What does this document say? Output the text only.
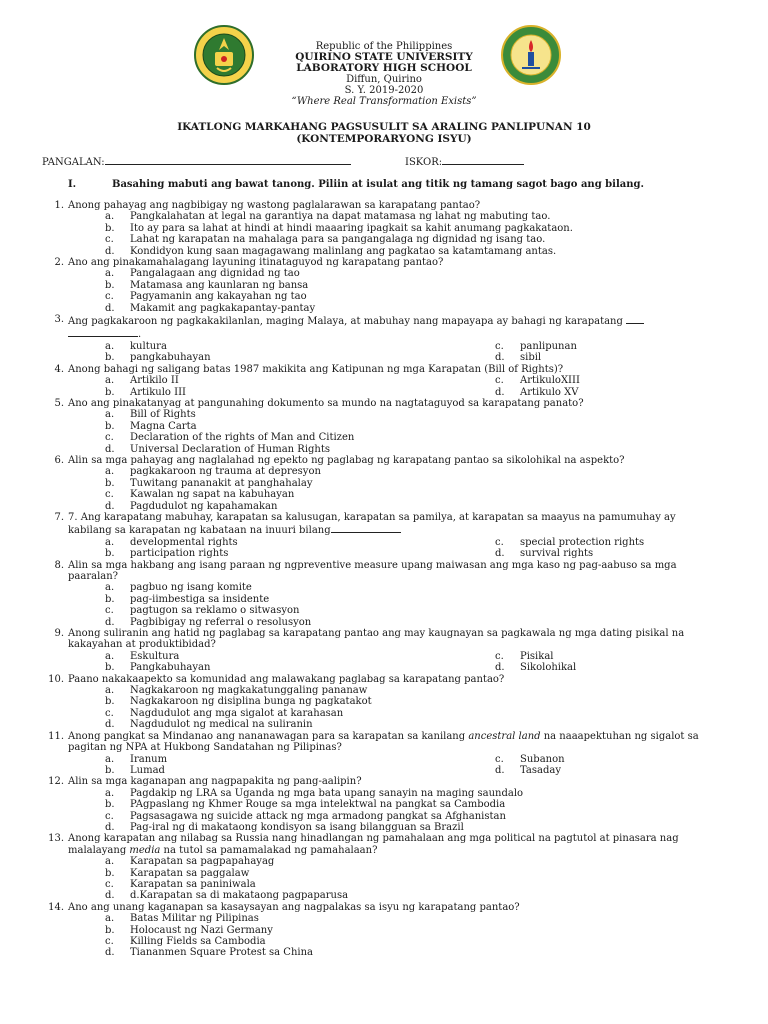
Republic of the Philippines
QUIRINO STATE UNIVERSITY
LABORATORY HIGH SCHOOL
Diffun, Quirino
S. Y. 2019-2020
“Where Real Transformation Exists”
IKATLONG MARKAHANG PAGSUSULIT SA ARALING PANLIPUNAN 10
(KONTEMPORARYONG ISYU)
PANGALAN:	ISKOR:
I.	Basahing mabuti ang bawat tanong. Piliin at isulat ang titik ng tamang sagot bago ang bilang.
1. Anong pahayag ang nagbibigay ng wastong paglalarawan sa karapatang pantao?
a.	Pangkalahatan at legal na garantiya na dapat matamasa ng lahat ng mabuting tao.
b.	Ito ay para sa lahat at hindi at hindi maaaring ipagkait sa kahit anumang pagkakataon.
c.	Lahat ng karapatan na mahalaga para sa pangangalaga ng dignidad ng isang tao.
d.	Kondidyon kung saan magagawang malinlang ang pagkatao sa katamtamang antas.
2. Ano ang pinakamahalagang layuning itinataguyod ng karapatang pantao?
a.	Pangalagaan ang dignidad ng tao
b.	Matamasa ang kaunlaran ng bansa
c.	Pagyamanin ang kakayahan ng tao
d.	Makamit ang pagkakapantay-pantay
3. Ang pagkakaroon ng pagkakakilanlan, maging Malaya, at mabuhay nang mapayapa ay bahagi ng karapatang  .
a.	kultura	c.	panlipunan
b.	pangkabuhayan	d.	sibil
4. Anong bahagi ng saligang batas 1987 makikita ang Katipunan ng mga Karapatan (Bill of Rights)?
a.	Artikilo II	c.	ArtikuloXIII
b.	Artikulo III	d.	Artikulo XV
5. Ano ang pinakatanyag at pangunahing dokumento sa mundo na nagtataguyod sa karapatang panato?
a.	Bill of Rights
b.	Magna Carta
c.	Declaration of the rights of Man and Citizen
d.	Universal Declaration of Human Rights
6. Alin sa mga pahayag ang naglalahad ng epekto ng paglabag ng karapatang pantao sa sikolohikal na aspekto?
a.	pagkakaroon ng trauma at depresyon
b.	Tuwitang pananakit at panghahalay
c.	Kawalan ng sapat na kabuhayan
d.	Pagdudulot ng kapahamakan
7. 7. Ang karapatang mabuhay, karapatan sa kalusugan, karapatan sa pamilya, at karapatan sa maayus na pamumuhay ay kabilang sa karapatan ng kabataan na inuuri bilang
a.	developmental rights	c.	special protection rights
b.	participation rights	d.	survival rights
8. Alin sa mga hakbang ang isang paraan ng ngpreventive measure upang maiwasan ang mga kaso ng pag-aabuso sa mga paaralan?
a.	pagbuo ng isang komite
b.	pag-iimbestiga sa insidente
c.	pagtugon sa reklamo o sitwasyon
d.	Pagbibigay ng referral o resolusyon
9. Anong suliranin ang hatid ng paglabag sa karapatang pantao ang may kaugnayan sa pagkawala ng mga dating pisikal na kakayahan at produktibidad?
a.	Eskultura	c.	Pisikal
b.	Pangkabuhayan	d.	Sikolohikal
10. Paano nakakaapekto sa komunidad ang malawakang paglabag sa karapatang pantao?
a.	Nagkakaroon ng magkakatunggaling pananaw
b.	Nagkakaroon ng disiplina bunga ng pagkatakot
c.	Nagdudulot ang mga sigalot at karahasan
d.	Nagdudulot ng medical na suliranin
11. Anong pangkat sa Mindanao ang nananawagan para sa karapatan sa kanilang ancestral land na naaapektuhan ng sigalot sa pagitan ng NPA at Hukbong Sandatahan ng Pilipinas?
a.	Iranum	c.	Subanon
b.	Lumad	d.	Tasaday
12. Alin sa mga kaganapan ang nagpapakita ng pang-aalipin?
a.	Pagdakip ng LRA sa Uganda ng mga bata upang sanayin na maging saundalo
b.	PAgpaslang ng Khmer Rouge sa mga intelektwal na pangkat sa Cambodia
c.	Pagsasagawa ng suicide attack ng mga armadong pangkat sa Afghanistan
d.	Pag-iral ng di makataong kondisyon sa isang bilangguan sa Brazil
13. Anong karapatan ang nilabag sa Russia nang hinadlangan ng pamahalaan ang mga political na pagtutol at pinasara nag malalayang media na tutol sa pamamalakad ng pamahalaan?
a.	Karapatan sa pagpapahayag
b.	Karapatan sa paggalaw
c.	Karapatan sa paniniwala
d.	d.Karapatan sa di makataong pagpaparusa
14. Ano ang unang kaganapan sa kasaysayan ang nagpalakas sa isyu ng karapatang pantao?
a.	Batas Militar ng Pilipinas
b.	Holocaust ng Nazi Germany
c.	Killing Fields sa Cambodia
d.	Tiananmen Square Protest sa China
